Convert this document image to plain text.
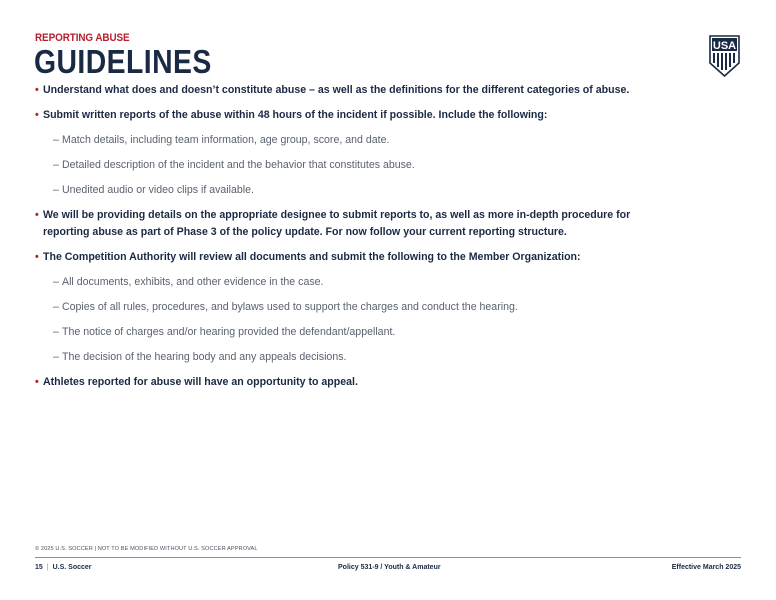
REPORTING ABUSE
GUIDELINES	USA
• Understand what does and doesn’t constitute abuse – as well as the definitions for the different categories of abuse.
• Submit written reports of the abuse within 48 hours of the incident if possible. Include the following:
– Match details, including team information, age group, score, and date.
– Detailed description of the incident and the behavior that constitutes abuse.
– Unedited audio or video clips if available.
• We will be providing details on the appropriate designee to submit reports to, as well as more in-depth procedure for reporting abuse as part of Phase 3 of the policy update. For now follow your current reporting structure.
• The Competition Authority will review all documents and submit the following to the Member Organization:
– All documents, exhibits, and other evidence in the case.
– Copies of all rules, procedures, and bylaws used to support the charges and conduct the hearing.
– The notice of charges and/or hearing provided the defendant/appellant.
– The decision of the hearing body and any appeals decisions.
• Athletes reported for abuse will have an opportunity to appeal.
© 2025 U.S. SOCCER | NOT TO BE MODIFIED WITHOUT U.S. SOCCER APPROVAL
15 | U.S. Soccer	Policy 531-9 / Youth & Amateur	Effective March 2025
